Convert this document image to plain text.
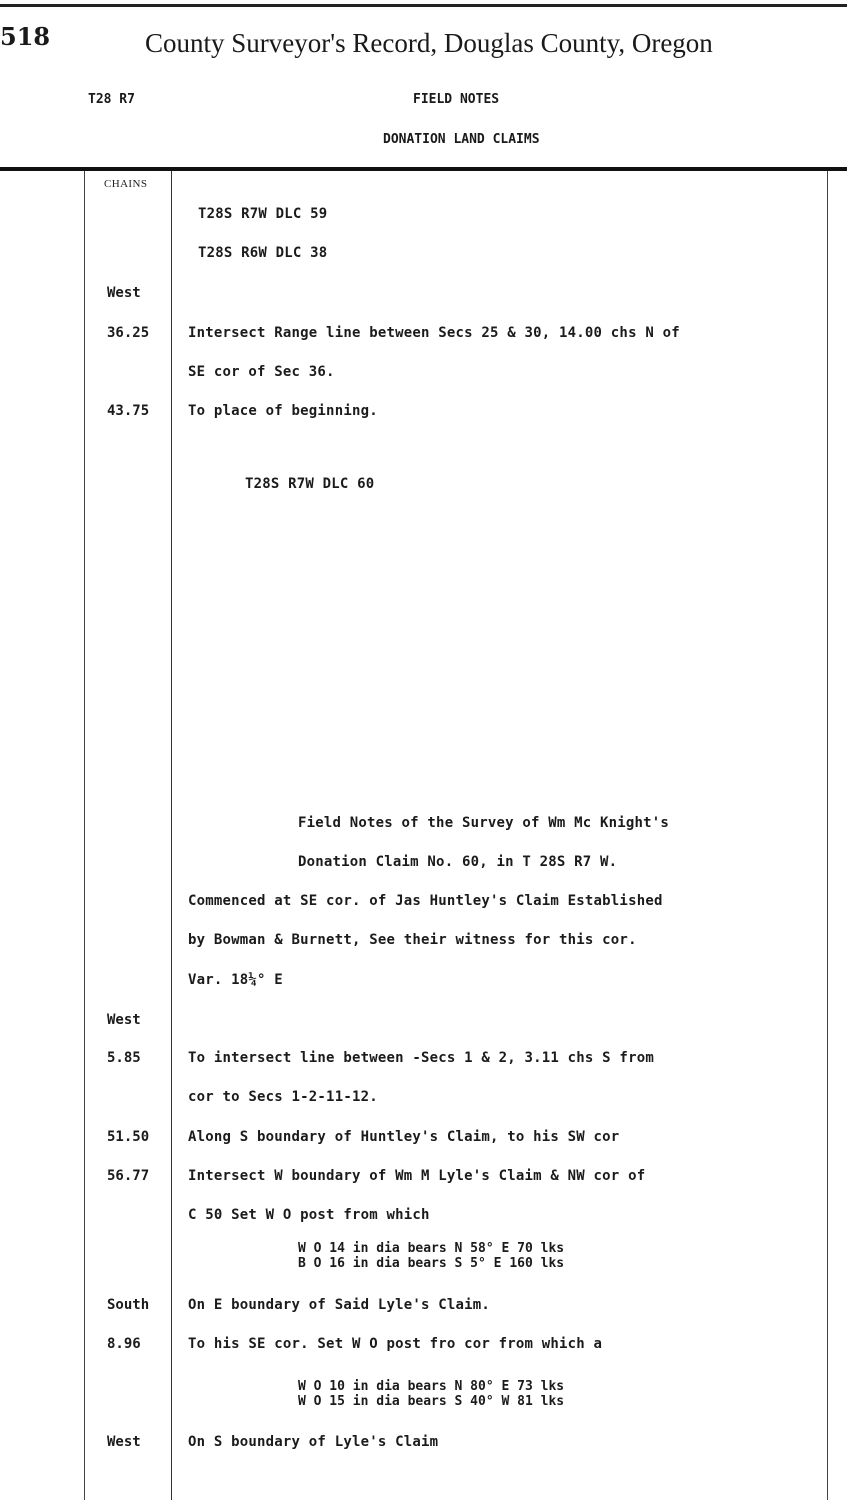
518	County Surveyor's Record, Douglas County, Oregon
T28 R7	FIELD NOTES
DONATION LAND CLAIMS
CHAINS
T28S R7W DLC 59
T28S R6W DLC 38
West
36.25	Intersect Range line between Secs 25 & 30, 14.00 chs N of
SE cor of Sec 36.
43.75	To place of beginning.
T28S R7W DLC 60
Field Notes of the Survey of Wm Mc Knight's
Donation Claim No. 60, in T 28S R7 W.
Commenced at SE cor. of Jas Huntley's Claim Established
by Bowman & Burnett, See their witness for this cor.
Var. 18¼° E
West
5.85	To intersect line between -Secs 1 & 2, 3.11 chs S from
cor to Secs 1-2-11-12.
51.50	Along S boundary of Huntley's Claim, to his SW cor
56.77	Intersect W boundary of Wm M Lyle's Claim & NW cor of
C 50 Set W O post from which
W O 14 in dia bears N 58° E 70 lks
B O 16 in dia bears S 5° E 160 lks
South	On E boundary of Said Lyle's Claim.
8.96	To his SE cor. Set W O post fro cor from which a
W O 10 in dia bears N 80° E 73 lks
W O 15 in dia bears S 40° W 81 lks
West	On S boundary of Lyle's Claim
